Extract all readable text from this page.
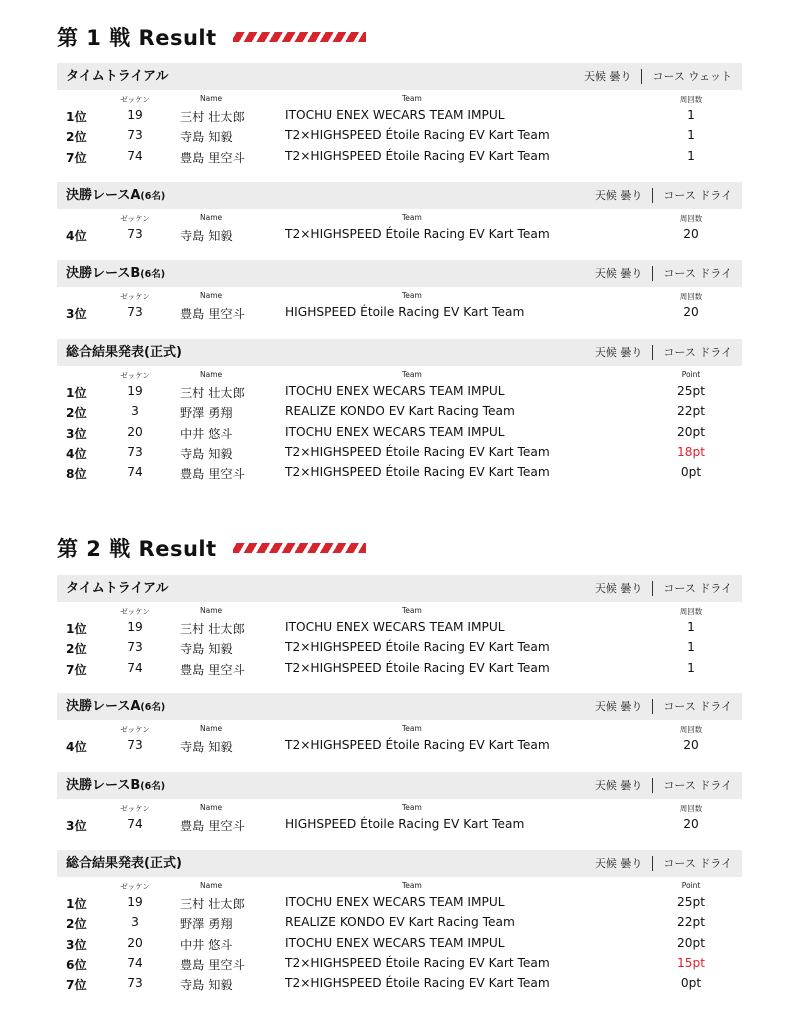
第 1 戦 Result
タイムトライアル	天候 曇り コース ウェット
ゼッケン	Name	Team	周回数
1位	19	三村 壮太郎	ITOCHU ENEX WECARS TEAM IMPUL	1
2位	73	寺島 知毅	T2×HIGHSPEED Étoile Racing EV Kart Team	1
7位	74	豊島 里空斗	T2×HIGHSPEED Étoile Racing EV Kart Team	1
決勝レースA(6名)	天候 曇り コース ドライ
ゼッケン	Name	Team	周回数
4位	73	寺島 知毅	T2×HIGHSPEED Étoile Racing EV Kart Team	20
決勝レースB(6名)	天候 曇り コース ドライ
ゼッケン	Name	Team	周回数
3位	73	豊島 里空斗	HIGHSPEED Étoile Racing EV Kart Team	20
総合結果発表(正式)	天候 曇り コース ドライ
ゼッケン	Name	Team	Point
1位	19	三村 壮太郎	ITOCHU ENEX WECARS TEAM IMPUL	25pt
2位	3	野澤 勇翔	REALIZE KONDO EV Kart Racing Team	22pt
3位	20	中井 悠斗	ITOCHU ENEX WECARS TEAM IMPUL	20pt
4位	73	寺島 知毅	T2×HIGHSPEED Étoile Racing EV Kart Team	18pt
8位	74	豊島 里空斗	T2×HIGHSPEED Étoile Racing EV Kart Team	0pt
第 2 戦 Result
タイムトライアル	天候 曇り コース ドライ
ゼッケン	Name	Team	周回数
1位	19	三村 壮太郎	ITOCHU ENEX WECARS TEAM IMPUL	1
2位	73	寺島 知毅	T2×HIGHSPEED Étoile Racing EV Kart Team	1
7位	74	豊島 里空斗	T2×HIGHSPEED Étoile Racing EV Kart Team	1
決勝レースA(6名)	天候 曇り コース ドライ
ゼッケン	Name	Team	周回数
4位	73	寺島 知毅	T2×HIGHSPEED Étoile Racing EV Kart Team	20
決勝レースB(6名)	天候 曇り コース ドライ
ゼッケン	Name	Team	周回数
3位	74	豊島 里空斗	HIGHSPEED Étoile Racing EV Kart Team	20
総合結果発表(正式)	天候 曇り コース ドライ
ゼッケン	Name	Team	Point
1位	19	三村 壮太郎	ITOCHU ENEX WECARS TEAM IMPUL	25pt
2位	3	野澤 勇翔	REALIZE KONDO EV Kart Racing Team	22pt
3位	20	中井 悠斗	ITOCHU ENEX WECARS TEAM IMPUL	20pt
6位	74	豊島 里空斗	T2×HIGHSPEED Étoile Racing EV Kart Team	15pt
7位	73	寺島 知毅	T2×HIGHSPEED Étoile Racing EV Kart Team	0pt
